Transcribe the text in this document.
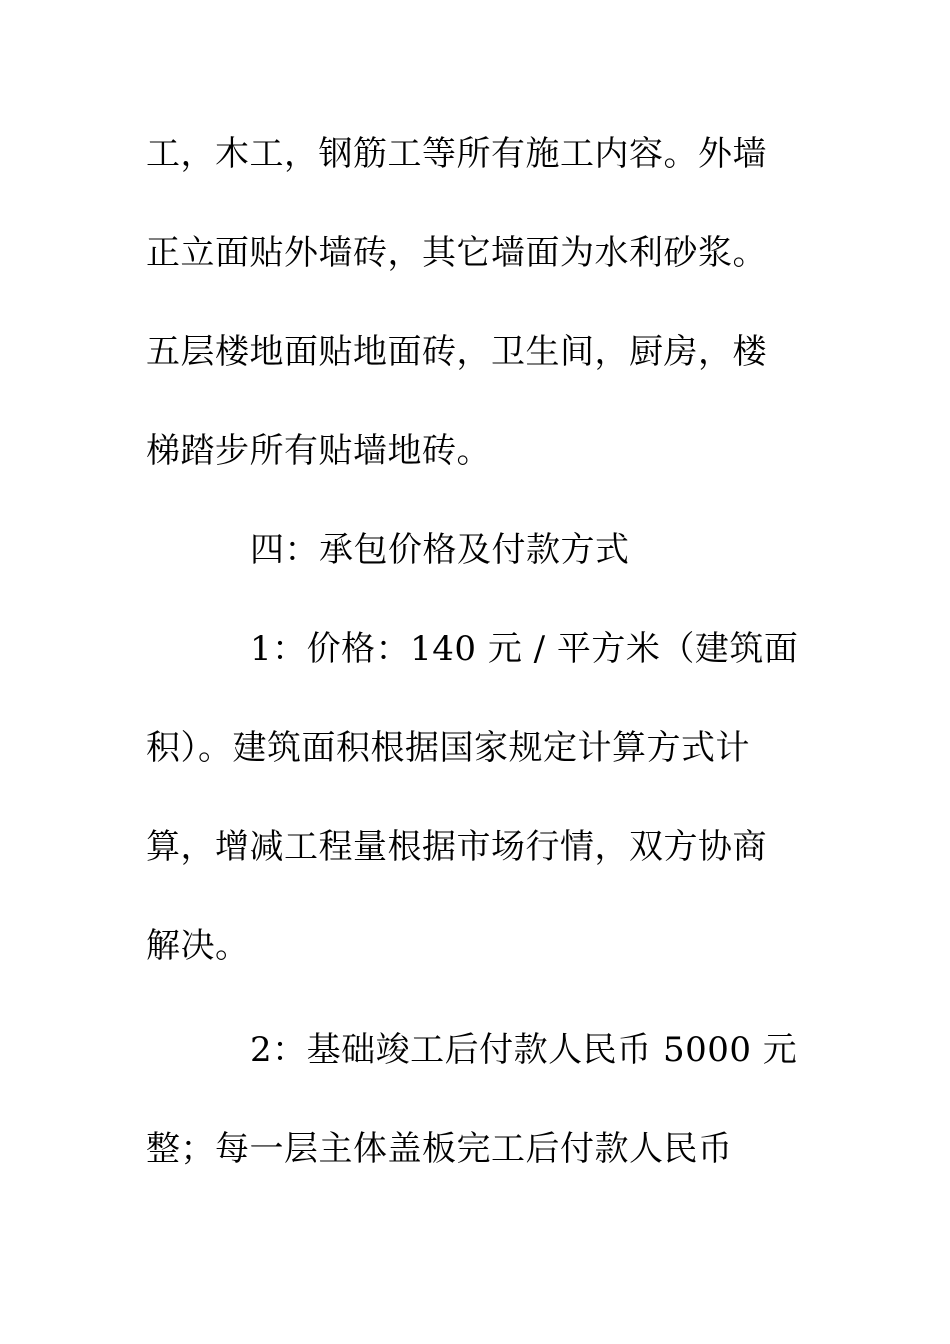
工，木工，钢筋工等所有施工内容。外墙
正立面贴外墙砖，其它墙面为水利砂浆。
五层楼地面贴地面砖，卫生间，厨房，楼
梯踏步所有贴墙地砖。
四：承包价格及付款方式
1：价格：140 元 / 平方米（建筑面
积）。建筑面积根据国家规定计算方式计
算，增减工程量根据市场行情，双方协商
解决。
2：基础竣工后付款人民币 5000 元
整；每一层主体盖板完工后付款人民币
